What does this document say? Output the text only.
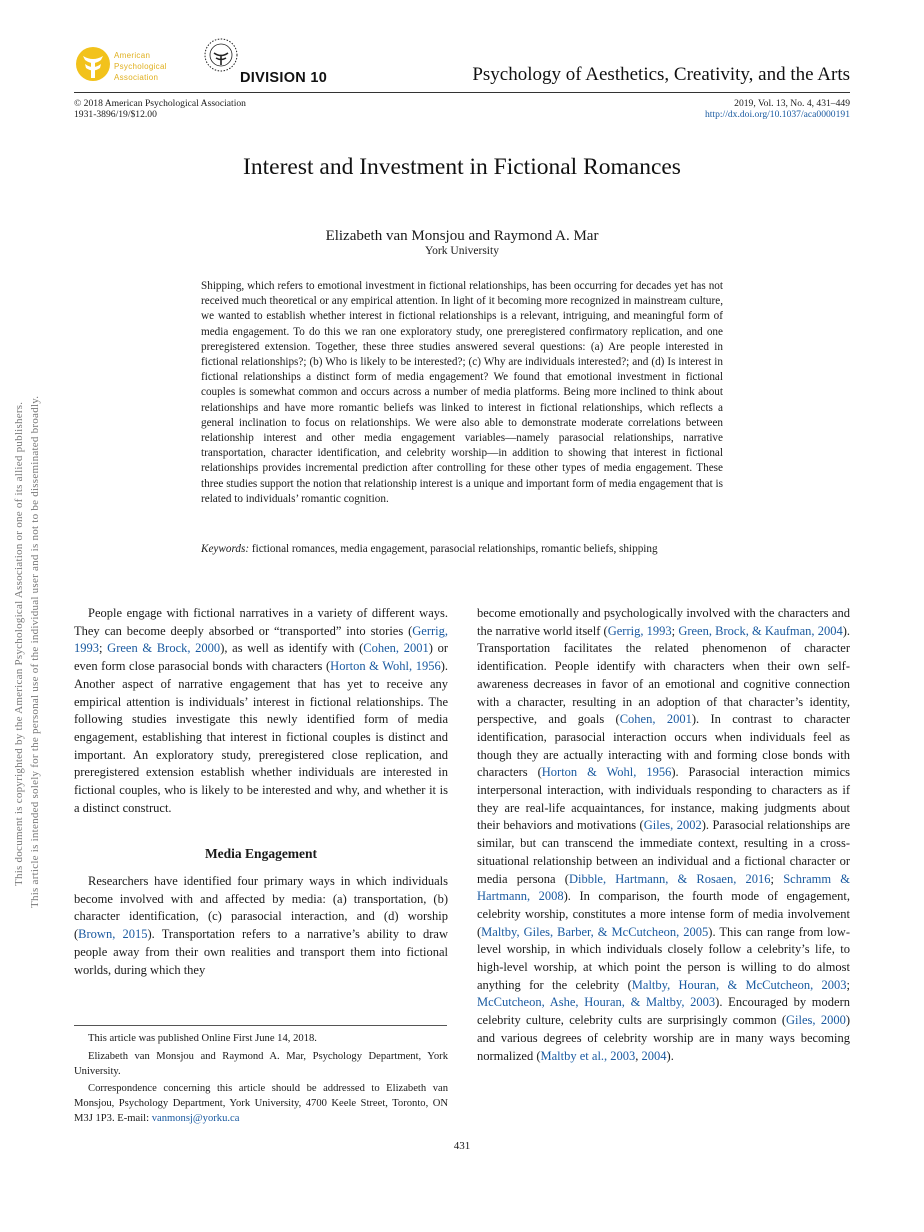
American
Psychological
Association	DIVISION 10	Psychology of Aesthetics, Creativity, and the Arts
© 2018 American Psychological Association
1931-3896/19/$12.00
2019, Vol. 13, No. 4, 431–449
http://dx.doi.org/10.1037/aca0000191
Interest and Investment in Fictional Romances
Elizabeth van Monsjou and Raymond A. Mar
York University
Shipping, which refers to emotional investment in fictional relationships, has been occurring for decades yet has not received much theoretical or any empirical attention. In light of it becoming more recognized in mainstream culture, we wanted to establish whether interest in fictional relationships is a relevant, intriguing, and meaningful form of media engagement. To do this we ran one exploratory study, one preregistered confirmatory replication, and one preregistered extension. Together, these three studies answered several questions: (a) Are people interested in fictional relationships?; (b) Who is likely to be interested?; (c) Why are individuals interested?; and (d) Is interest in fictional relationships a distinct form of media engagement? We found that emotional investment in fictional couples is somewhat common and occurs across a number of media platforms. Being more inclined to think about relationships and have more romantic beliefs was linked to interest in fictional relationships, which reflects a general inclination to focus on relationships. We were also able to demonstrate moderate correlations between relationship interest and other media engagement variables—namely parasocial relationships, narrative transportation, character identification, and celebrity worship—in addition to showing that interest in fictional relationships provides incremental prediction after controlling for these other types of media engagement. These three studies support the notion that relationship interest is a unique and important form of media engagement that is related to individuals’ romantic cognition.
Keywords: fictional romances, media engagement, parasocial relationships, romantic beliefs, shipping
This document is copyrighted by the American Psychological Association or one of its allied publishers. This article is intended solely for the personal use of the individual user and is not to be disseminated broadly.	People engage with fictional narratives in a variety of different ways. They can become deeply absorbed or “transported” into stories (Gerrig, 1993; Green & Brock, 2000), as well as identify with (Cohen, 2001) or even form close parasocial bonds with characters (Horton & Wohl, 1956). Another aspect of narrative engagement that has yet to receive any empirical attention is individuals’ interest in fictional relationships. The following studies investigate this newly identified form of media engagement, establishing that interest in fictional couples is distinct and important. An exploratory study, preregistered close replication, and preregistered extension establish whether individuals are interested in fictional couples, who is likely to be interested and why, and whether it is a distinct construct.

Media Engagement

Researchers have identified four primary ways in which individuals become involved with and affected by media: (a) transportation, (b) character identification, (c) parasocial interaction, and (d) worship (Brown, 2015). Transportation refers to a narrative’s ability to draw people away from their own realities and transport them into fictional worlds, during which they

This article was published Online First June 14, 2018.

Elizabeth van Monsjou and Raymond A. Mar, Psychology Department, York University.

Correspondence concerning this article should be addressed to Elizabeth van Monsjou, Psychology Department, York University, 4700 Keele Street, Toronto, ON M3J 1P3. E-mail: vanmonsj@yorku.ca

become emotionally and psychologically involved with the characters and the narrative world itself (Gerrig, 1993; Green, Brock, & Kaufman, 2004). Transportation facilitates the related phenomenon of character identification. People identify with characters when their own self-awareness decreases in favor of an emotional and cognitive connection with a character, resulting in an adoption of that character’s identity, perspective, and goals (Cohen, 2001). In contrast to character identification, parasocial interaction occurs when individuals feel as though they are actually interacting with and forming close bonds with characters (Horton & Wohl, 1956). Parasocial interaction mimics interpersonal interaction, with individuals responding to characters as if they are real-life acquaintances, for instance, making judgments about their behaviors and motivations (Giles, 2002). Parasocial relationships are similar, but can transcend the immediate context, resulting in a cross-situational relationship between an individual and a fictional character or media persona (Dibble, Hartmann, & Rosaen, 2016; Schramm & Hartmann, 2008). In comparison, the fourth mode of engagement, celebrity worship, constitutes a more intense form of media involvement (Maltby, Giles, Barber, & McCutcheon, 2005). This can range from low-level worship, in which individuals closely follow a celebrity’s life, to high-level worship, at which point the person is willing to do almost anything for the celebrity (Maltby, Houran, & McCutcheon, 2003; McCutcheon, Ashe, Houran, & Maltby, 2003). Encouraged by modern celebrity culture, celebrity cults are surprisingly common (Giles, 2000) and various degrees of celebrity worship are in many ways becoming normalized (Maltby et al., 2003, 2004).

431
